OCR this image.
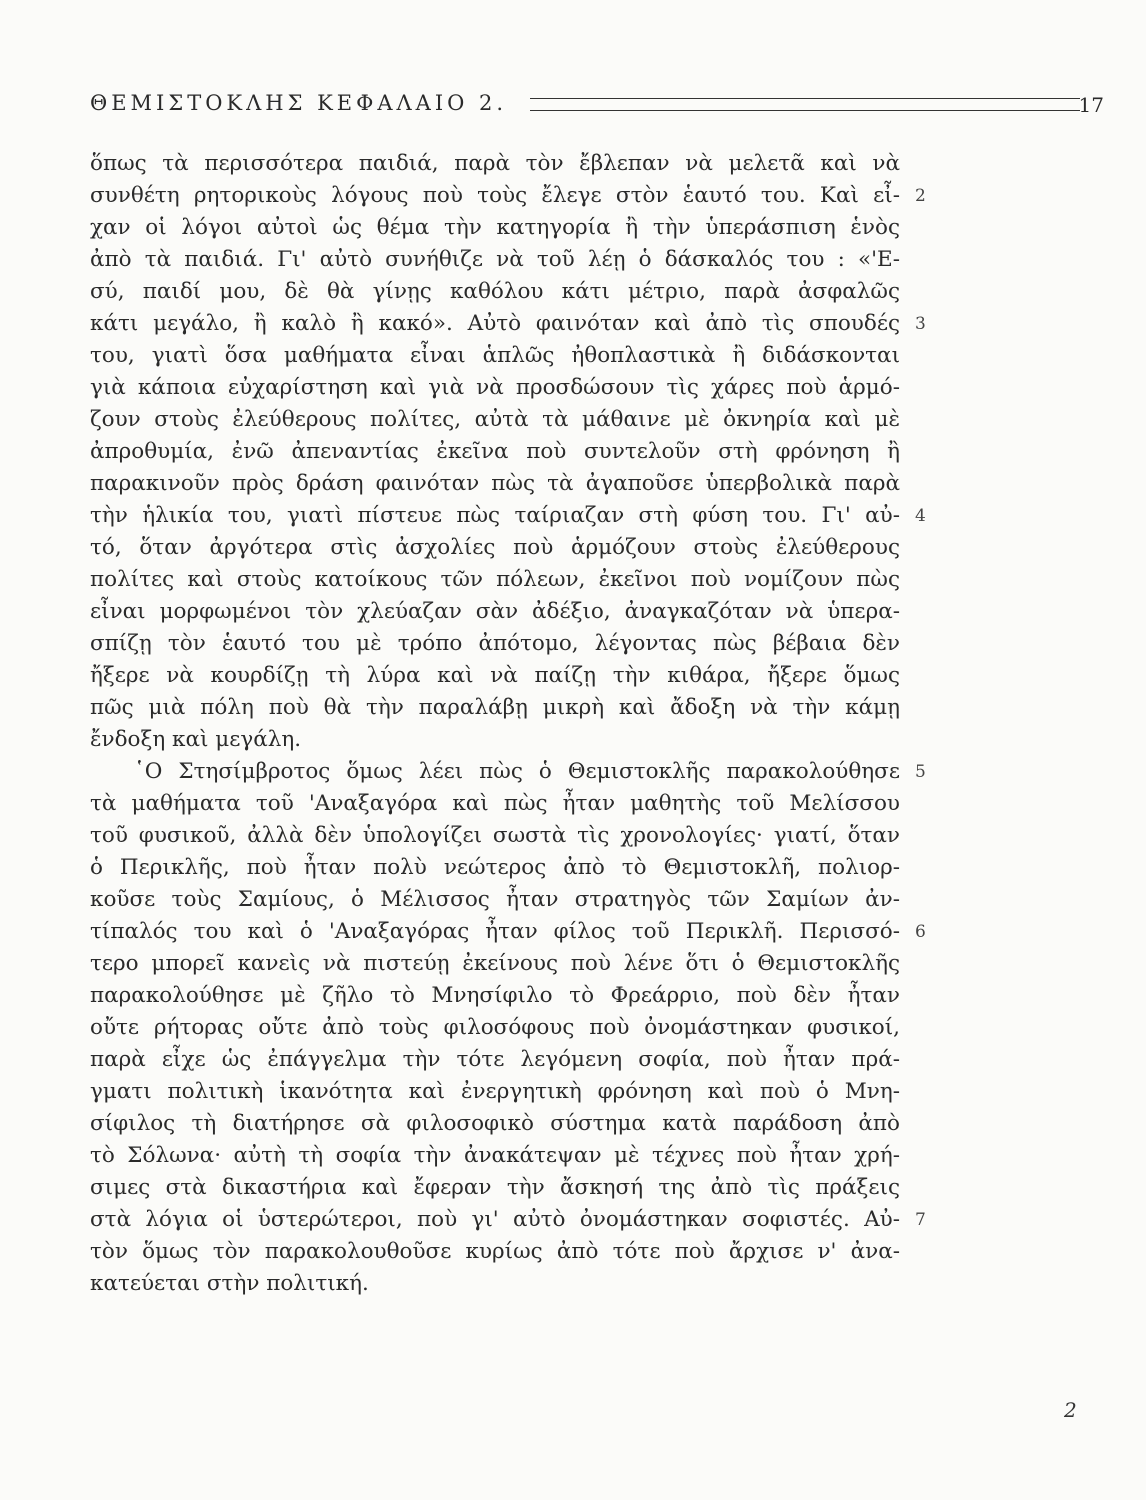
ΘΕΜΙΣΤΟΚΛΗΣ ΚΕΦΑΛΑΙΟ 2.	17
ὅπως τὰ περισσότερα παιδιά, παρὰ τὸν ἔβλεπαν νὰ μελετᾶ καὶ νὰ
συνθέτη ρητορικοὺς λόγους ποὺ τοὺς ἔλεγε στὸν ἑαυτό του. Καὶ εἶ-
χαν οἱ λόγοι αὐτοὶ ὡς θέμα τὴν κατηγορία ἢ τὴν ὑπεράσπιση ἑνὸς
ἀπὸ τὰ παιδιά. Γι' αὐτὸ συνήθιζε νὰ τοῦ λέῃ ὁ δάσκαλός του : «'Ε-
σύ, παιδί μου, δὲ θὰ γίνῃς καθόλου κάτι μέτριο, παρὰ ἀσφαλῶς
κάτι μεγάλο, ἢ καλὸ ἢ κακό». Αὐτὸ φαινόταν καὶ ἀπὸ τὶς σπουδές
του, γιατὶ ὅσα μαθήματα εἶναι ἁπλῶς ἠθοπλαστικὰ ἢ διδάσκονται
γιὰ κάποια εὐχαρίστηση καὶ γιὰ νὰ προσδώσουν τὶς χάρες ποὺ ἁρμό-
ζουν στοὺς ἐλεύθερους πολίτες, αὐτὰ τὰ μάθαινε μὲ ὀκνηρία καὶ μὲ
ἀπροθυμία, ἐνῶ ἀπεναντίας ἐκεῖνα ποὺ συντελοῦν στὴ φρόνηση ἢ
παρακινοῦν πρὸς δράση φαινόταν πὼς τὰ ἀγαποῦσε ὑπερβολικὰ παρὰ
τὴν ἡλικία του, γιατὶ πίστευε πὼς ταίριαζαν στὴ φύση του. Γι' αὐ-
τό, ὅταν ἀργότερα στὶς ἀσχολίες ποὺ ἁρμόζουν στοὺς ἐλεύθερους
πολίτες καὶ στοὺς κατοίκους τῶν πόλεων, ἐκεῖνοι ποὺ νομίζουν πὼς
εἶναι μορφωμένοι τὸν χλεύαζαν σὰν ἀδέξιο, ἀναγκαζόταν νὰ ὑπερα-
σπίζῃ τὸν ἑαυτό του μὲ τρόπο ἀπότομο, λέγοντας πὼς βέβαια δὲν
ἤξερε νὰ κουρδίζῃ τὴ λύρα καὶ νὰ παίζῃ τὴν κιθάρα, ἤξερε ὅμως
πῶς μιὰ πόλη ποὺ θὰ τὴν παραλάβῃ μικρὴ καὶ ἄδοξη νὰ τὴν κάμῃ
ἔνδοξη καὶ μεγάλη.
῾Ο Στησίμβροτος ὅμως λέει πὼς ὁ Θεμιστοκλῆς παρακολούθησε
τὰ μαθήματα τοῦ 'Αναξαγόρα καὶ πὼς ἦταν μαθητὴς τοῦ Μελίσσου
τοῦ φυσικοῦ, ἀλλὰ δὲν ὑπολογίζει σωστὰ τὶς χρονολογίες· γιατί, ὅταν
ὁ Περικλῆς, ποὺ ἦταν πολὺ νεώτερος ἀπὸ τὸ Θεμιστοκλῆ, πολιορ-
κοῦσε τοὺς Σαμίους, ὁ Μέλισσος ἦταν στρατηγὸς τῶν Σαμίων ἀν-
τίπαλός του καὶ ὁ 'Αναξαγόρας ἦταν φίλος τοῦ Περικλῆ. Περισσό-
τερο μπορεῖ κανεὶς νὰ πιστεύῃ ἐκείνους ποὺ λένε ὅτι ὁ Θεμιστοκλῆς
παρακολούθησε μὲ ζῆλο τὸ Μνησίφιλο τὸ Φρεάρριο, ποὺ δὲν ἦταν
οὔτε ρήτορας οὔτε ἀπὸ τοὺς φιλοσόφους ποὺ ὀνομάστηκαν φυσικοί,
παρὰ εἶχε ὡς ἐπάγγελμα τὴν τότε λεγόμενη σοφία, ποὺ ἦταν πρά-
γματι πολιτικὴ ἱκανότητα καὶ ἐνεργητικὴ φρόνηση καὶ ποὺ ὁ Μνη-
σίφιλος τὴ διατήρησε σὰ φιλοσοφικὸ σύστημα κατὰ παράδοση ἀπὸ
τὸ Σόλωνα· αὐτὴ τὴ σοφία τὴν ἀνακάτεψαν μὲ τέχνες ποὺ ἦταν χρή-
σιμες στὰ δικαστήρια καὶ ἔφεραν τὴν ἄσκησή της ἀπὸ τὶς πράξεις
στὰ λόγια οἱ ὑστερώτεροι, ποὺ γι' αὐτὸ ὀνομάστηκαν σοφιστές. Αὐ-
τὸν ὅμως τὸν παρακολουθοῦσε κυρίως ἀπὸ τότε ποὺ ἄρχισε ν' ἀνα-
κατεύεται στὴν πολιτική.
2
3
4
5
6
7
2
